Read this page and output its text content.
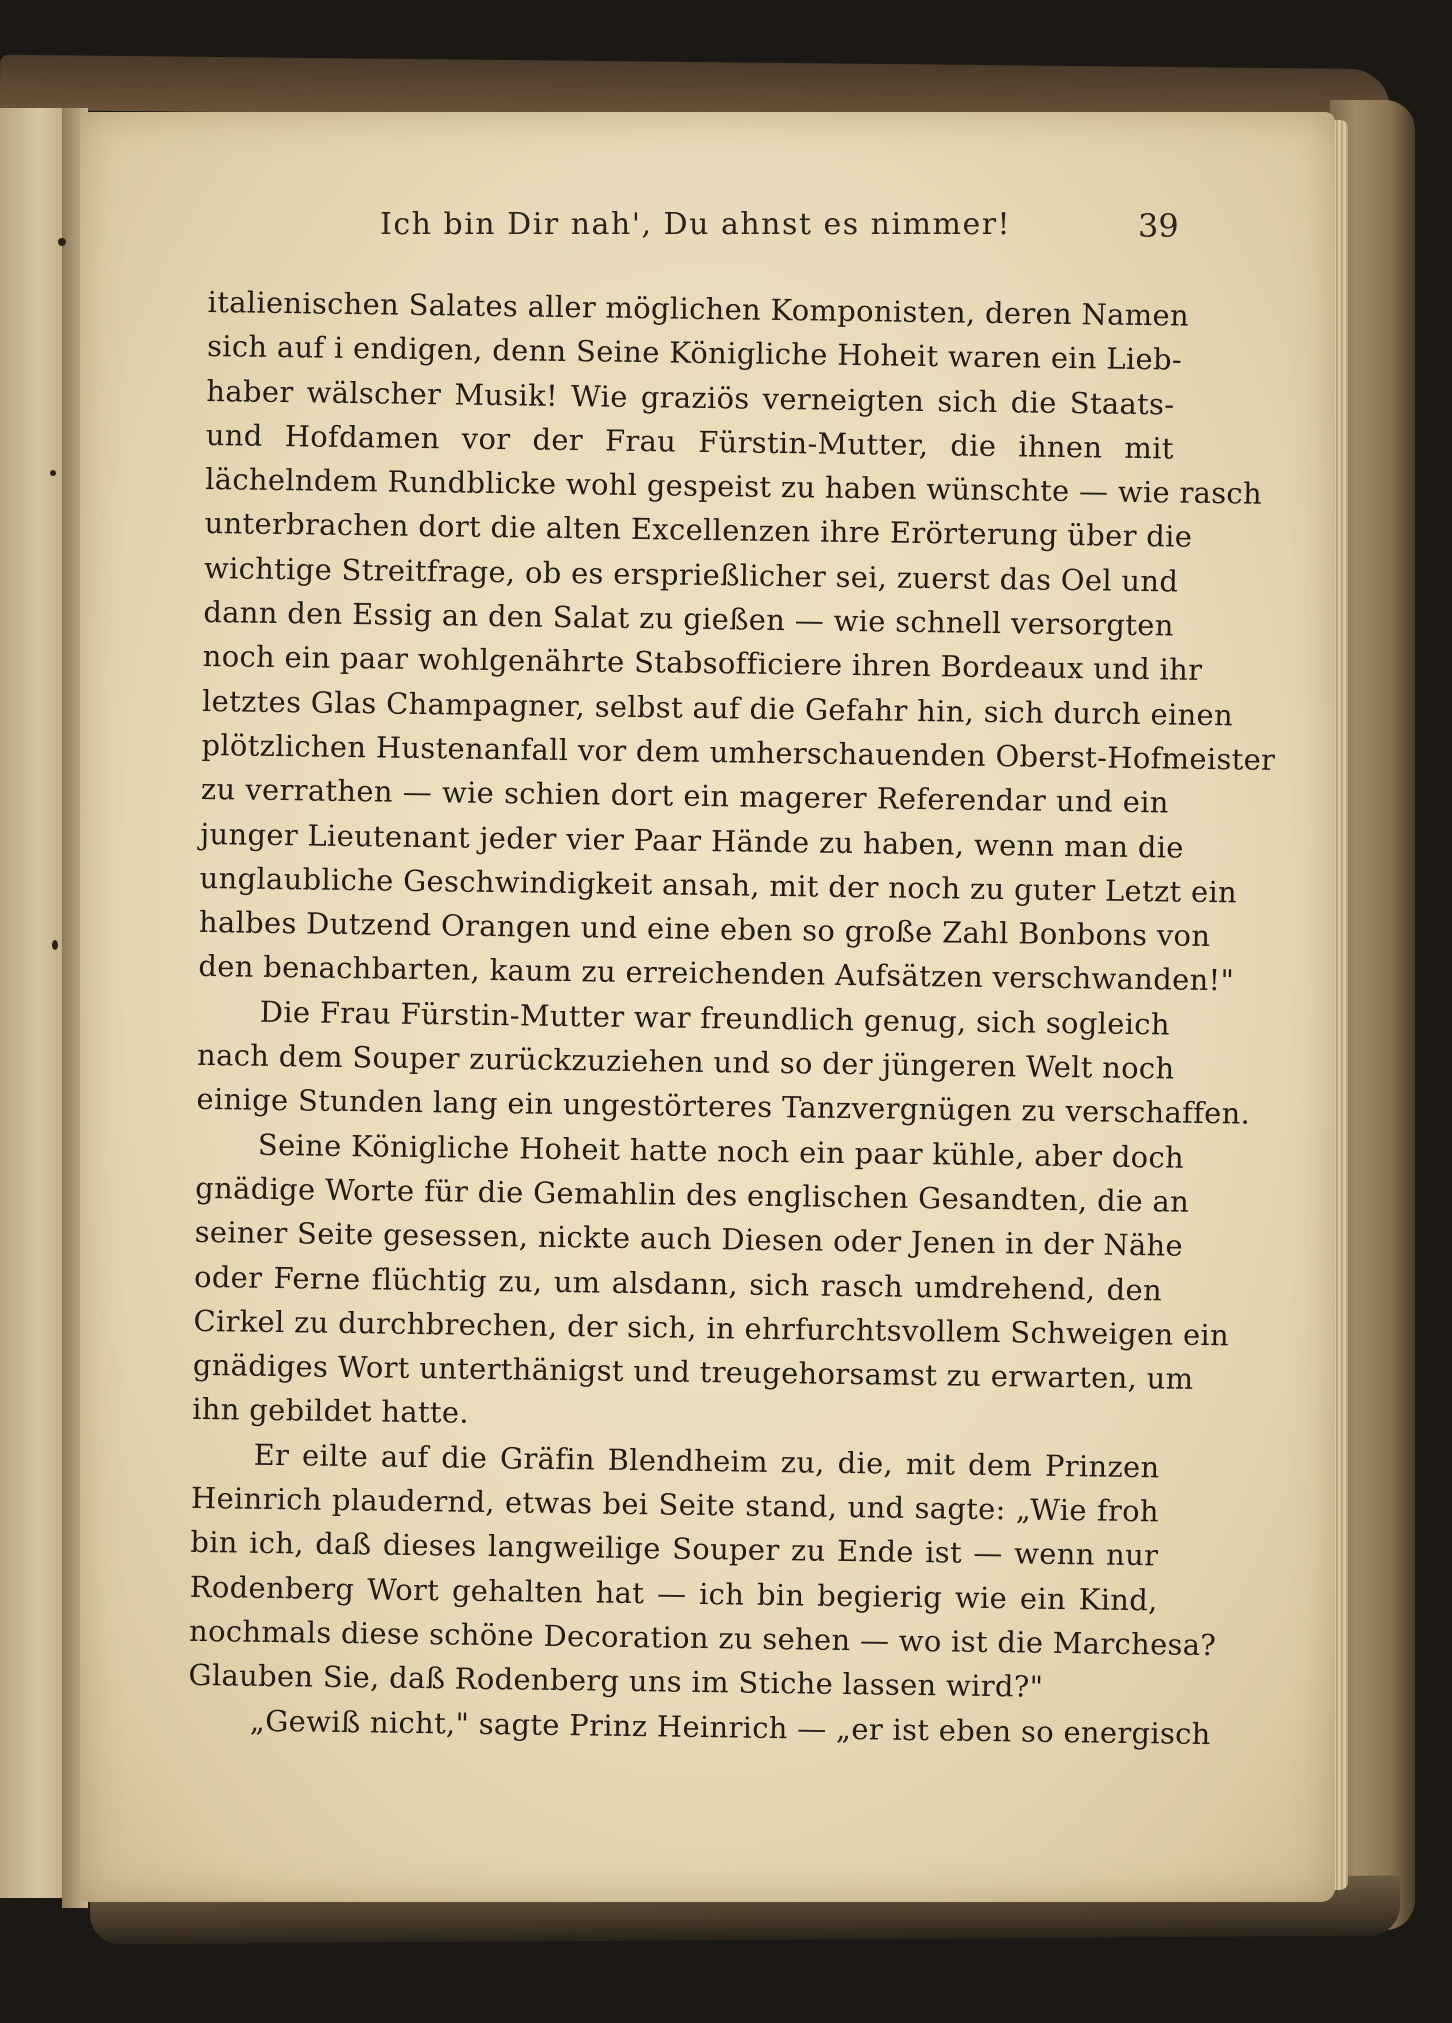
Ich bin Dir nah', Du ahnst es nimmer!	39
italienischen Salates aller möglichen Komponisten, deren Namen
sich auf i endigen, denn Seine Königliche Hoheit waren ein Lieb-
haber wälscher Musik! Wie graziös verneigten sich die Staats-
und Hofdamen vor der Frau Fürstin-Mutter, die ihnen mit
lächelndem Rundblicke wohl gespeist zu haben wünschte — wie rasch
unterbrachen dort die alten Excellenzen ihre Erörterung über die
wichtige Streitfrage, ob es ersprießlicher sei, zuerst das Oel und
dann den Essig an den Salat zu gießen — wie schnell versorgten
noch ein paar wohlgenährte Stabsofficiere ihren Bordeaux und ihr
letztes Glas Champagner, selbst auf die Gefahr hin, sich durch einen
plötzlichen Hustenanfall vor dem umherschauenden Oberst-Hofmeister
zu verrathen — wie schien dort ein magerer Referendar und ein
junger Lieutenant jeder vier Paar Hände zu haben, wenn man die
unglaubliche Geschwindigkeit ansah, mit der noch zu guter Letzt ein
halbes Dutzend Orangen und eine eben so große Zahl Bonbons von
den benachbarten, kaum zu erreichenden Aufsätzen verschwanden!"
Die Frau Fürstin-Mutter war freundlich genug, sich sogleich
nach dem Souper zurückzuziehen und so der jüngeren Welt noch
einige Stunden lang ein ungestörteres Tanzvergnügen zu verschaffen.
Seine Königliche Hoheit hatte noch ein paar kühle, aber doch
gnädige Worte für die Gemahlin des englischen Gesandten, die an
seiner Seite gesessen, nickte auch Diesen oder Jenen in der Nähe
oder Ferne flüchtig zu, um alsdann, sich rasch umdrehend, den
Cirkel zu durchbrechen, der sich, in ehrfurchtsvollem Schweigen ein
gnädiges Wort unterthänigst und treugehorsamst zu erwarten, um
ihn gebildet hatte.
Er eilte auf die Gräfin Blendheim zu, die, mit dem Prinzen
Heinrich plaudernd, etwas bei Seite stand, und sagte: „Wie froh
bin ich, daß dieses langweilige Souper zu Ende ist — wenn nur
Rodenberg Wort gehalten hat — ich bin begierig wie ein Kind,
nochmals diese schöne Decoration zu sehen — wo ist die Marchesa?
Glauben Sie, daß Rodenberg uns im Stiche lassen wird?"
„Gewiß nicht," sagte Prinz Heinrich — „er ist eben so energisch
